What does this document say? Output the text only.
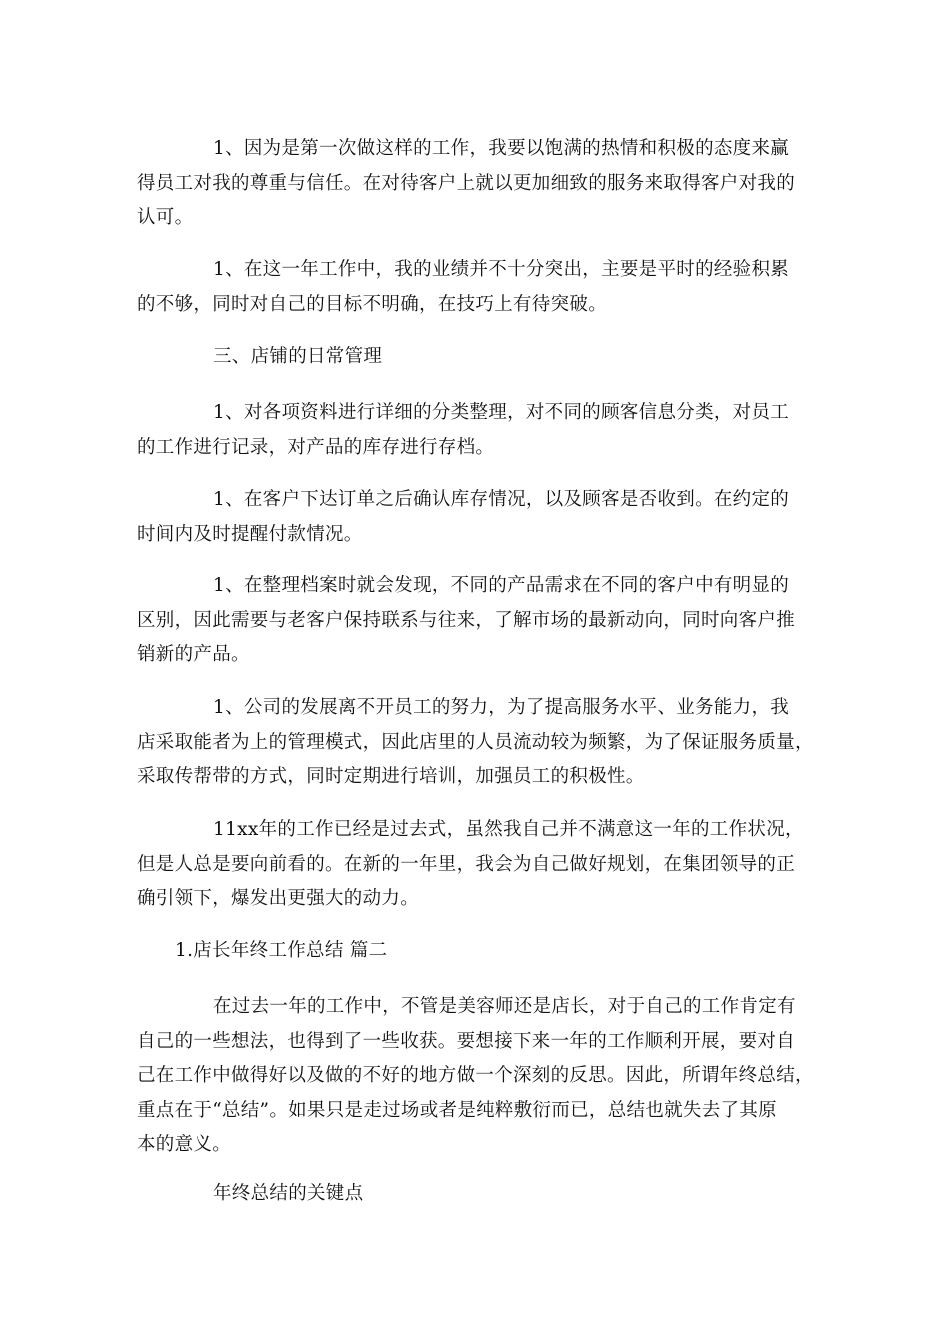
1、因为是第一次做这样的工作，我要以饱满的热情和积极的态度来赢
得员工对我的尊重与信任。在对待客户上就以更加细致的服务来取得客户对我的
认可。
1、在这一年工作中，我的业绩并不十分突出，主要是平时的经验积累
的不够，同时对自己的目标不明确，在技巧上有待突破。
三、店铺的日常管理
1、对各项资料进行详细的分类整理，对不同的顾客信息分类，对员工
的工作进行记录，对产品的库存进行存档。
1、在客户下达订单之后确认库存情况，以及顾客是否收到。在约定的
时间内及时提醒付款情况。
1、在整理档案时就会发现，不同的产品需求在不同的客户中有明显的
区别，因此需要与老客户保持联系与往来，了解市场的最新动向，同时向客户推
销新的产品。
1、公司的发展离不开员工的努力，为了提高服务水平、业务能力，我
店采取能者为上的管理模式，因此店里的人员流动较为频繁，为了保证服务质量，
采取传帮带的方式，同时定期进行培训，加强员工的积极性。
11xx年的工作已经是过去式，虽然我自己并不满意这一年的工作状况，
但是人总是要向前看的。在新的一年里，我会为自己做好规划，在集团领导的正
确引领下，爆发出更强大的动力。
1.店长年终工作总结 篇二
在过去一年的工作中，不管是美容师还是店长，对于自己的工作肯定有
自己的一些想法，也得到了一些收获。要想接下来一年的工作顺利开展，要对自
己在工作中做得好以及做的不好的地方做一个深刻的反思。因此，所谓年终总结，
重点在于“总结”。如果只是走过场或者是纯粹敷衍而已，总结也就失去了其原
本的意义。
年终总结的关键点
